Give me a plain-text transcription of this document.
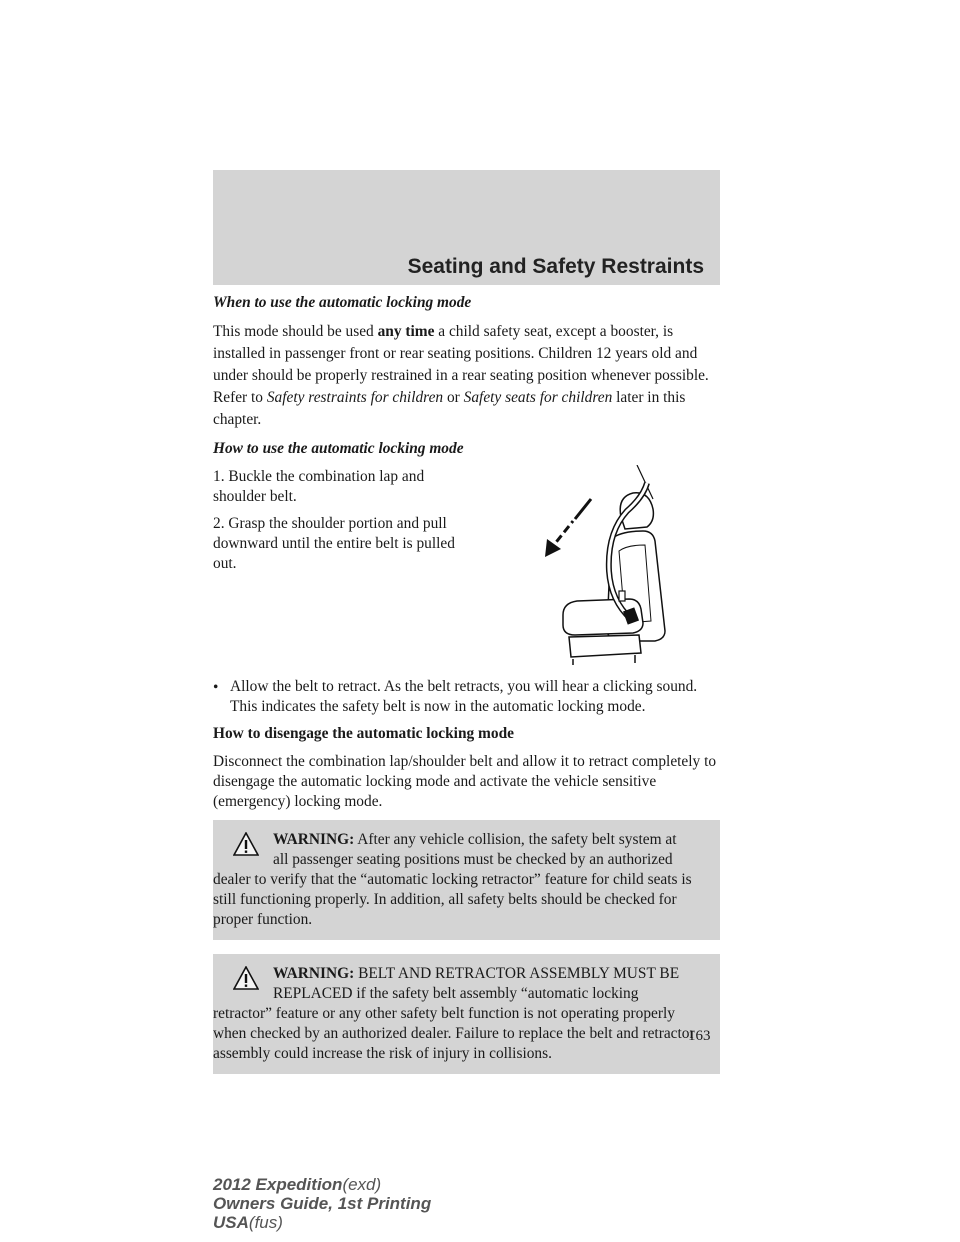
Seating and Safety Restraints

When to use the automatic locking mode

This mode should be used any time a child safety seat, except a booster, is installed in passenger front or rear seating positions. Children 12 years old and under should be properly restrained in a rear seating position whenever possible. Refer to Safety restraints for children or Safety seats for children later in this chapter.

How to use the automatic locking mode

1. Buckle the combination lap and shoulder belt.

2. Grasp the shoulder portion and pull downward until the entire belt is pulled out.

• Allow the belt to retract. As the belt retracts, you will hear a clicking sound. This indicates the safety belt is now in the automatic locking mode.

How to disengage the automatic locking mode

Disconnect the combination lap/shoulder belt and allow it to retract completely to disengage the automatic locking mode and activate the vehicle sensitive (emergency) locking mode.

WARNING: After any vehicle collision, the safety belt system at
all passenger seating positions must be checked by an authorized
dealer to verify that the “automatic locking retractor” feature for child seats is still functioning properly. In addition, all safety belts should be checked for proper function.
WARNING: BELT AND RETRACTOR ASSEMBLY MUST BE
REPLACED if the safety belt assembly “automatic locking
retractor” feature or any other safety belt function is not operating properly when checked by an authorized dealer. Failure to replace the belt and retractor assembly could increase the risk of injury in collisions.
163
2012 Expedition(exd)
Owners Guide, 1st Printing
USA(fus)
